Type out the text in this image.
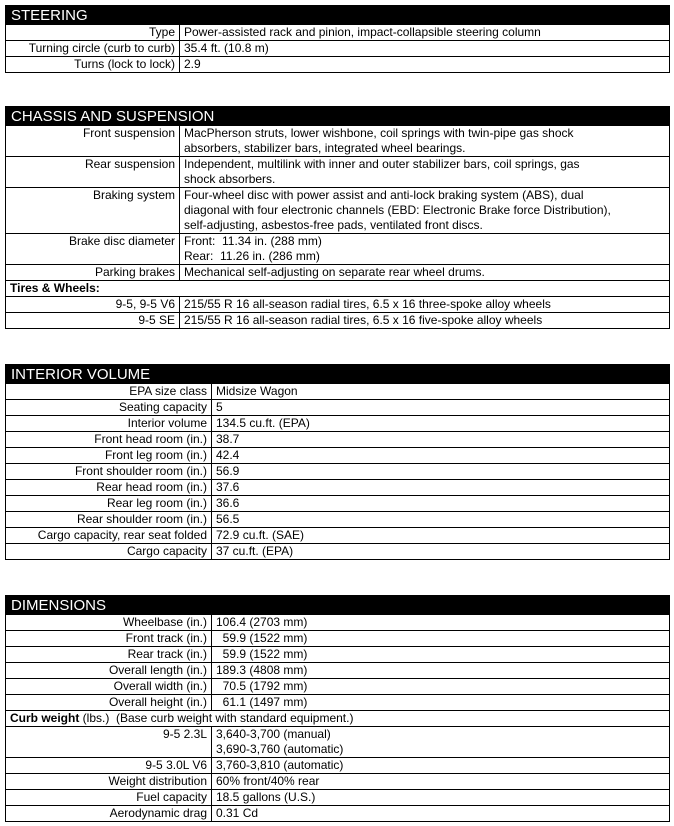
STEERING	
Type	Power-assisted rack and pinion, impact-collapsible steering column
Turning circle (curb to curb)	35.4 ft. (10.8 m)
Turns (lock to lock)	2.9
CHASSIS AND SUSPENSION	
Front suspension	MacPherson struts, lower wishbone, coil springs with twin-pipe gas shock
absorbers, stabilizer bars, integrated wheel bearings.
Rear suspension	Independent, multilink with inner and outer stabilizer bars, coil springs, gas
shock absorbers.
Braking system	Four-wheel disc with power assist and anti-lock braking system (ABS), dual
diagonal with four electronic channels (EBD: Electronic Brake force Distribution),
self-adjusting, asbestos-free pads, ventilated front discs.
Brake disc diameter	Front:  11.34 in. (288 mm)
Rear:  11.26 in. (286 mm)
Parking brakes	Mechanical self-adjusting on separate rear wheel drums.
Tires & Wheels:	
9-5, 9-5 V6	215/55 R 16 all-season radial tires, 6.5 x 16 three-spoke alloy wheels
9-5 SE	215/55 R 16 all-season radial tires, 6.5 x 16 five-spoke alloy wheels
INTERIOR VOLUME	
EPA size class	Midsize Wagon
Seating capacity	5
Interior volume	134.5 cu.ft. (EPA)
Front head room (in.)	38.7
Front leg room (in.)	42.4
Front shoulder room (in.)	56.9
Rear head room (in.)	37.6
Rear leg room (in.)	36.6
Rear shoulder room (in.)	56.5
Cargo capacity, rear seat folded	72.9 cu.ft. (SAE)
Cargo capacity	37 cu.ft. (EPA)
DIMENSIONS	
Wheelbase (in.)	106.4 (2703 mm)
Front track (in.)	59.9 (1522 mm)
Rear track (in.)	59.9 (1522 mm)
Overall length (in.)	189.3 (4808 mm)
Overall width (in.)	70.5 (1792 mm)
Overall height (in.)	61.1 (1497 mm)
Curb weight (lbs.)  (Base curb weight with standard equipment.)	
9-5 2.3L	3,640-3,700 (manual)
3,690-3,760 (automatic)
9-5 3.0L V6	3,760-3,810 (automatic)
Weight distribution	60% front/40% rear
Fuel capacity	18.5 gallons (U.S.)
Aerodynamic drag	0.31 Cd
